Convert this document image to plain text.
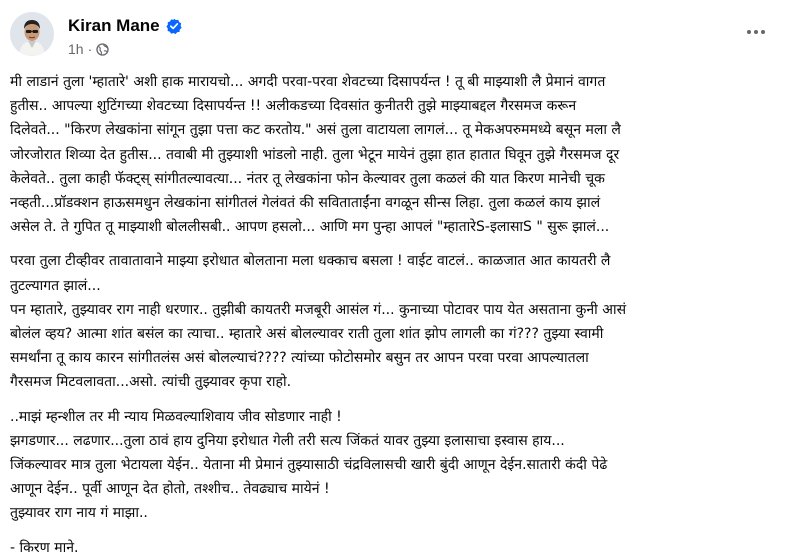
Kiran Mane
1h ·

मी लाडानं तुला 'म्हातारे' अशी हाक मारायचो... अगदी परवा-परवा शेवटच्या दिसापर्यन्त ! तू बी माझ्याशी लै प्रेमानं वागत

हुतीस.. आपल्या शुटिंगच्या शेवटच्या दिसापर्यन्त !! अलीकडच्या दिवसांत कुनीतरी तुझे माझ्याबद्दल गैरसमज करून

दिलेवते... "किरण लेखकांना सांगून तुझा पत्ता कट करतोय." असं तुला वाटायला लागलं... तू मेकअपरुममध्ये बसून मला लै

जोरजोरात शिव्या देत हुतीस... तवाबी मी तुझ्याशी भांडलो नाही. तुला भेटून मायेनं तुझा हात हातात घिवून तुझे गैरसमज दूर

केलेवते.. तुला काही फॅक्ट्स् सांगीतल्यावत्या... नंतर तू लेखकांना फोन केल्यावर तुला कळलं की यात किरण मानेची चूक

नव्हती...प्रॉडक्शन हाऊसमधुन लेखकांना सांगीतलं गेलंवतं की सविताताईंना वगळून सीन्स लिहा. तुला कळलं काय झालं

असेल ते. ते गुपित तू माझ्याशी बोललीसबी.. आपण हसलो... आणि मग पुन्हा आपलं "म्हातारेS-इलासाS " सुरू झालं...

परवा तुला टीव्हीवर तावातावाने माझ्या इरोधात बोलताना मला धक्काच बसला ! वाईट वाटलं.. काळजात आत कायतरी लै

तुटल्यागत झालं...

पन म्हातारे, तुझ्यावर राग नाही धरणार.. तुझीबी कायतरी मजबूरी आसंल गं... कुनाच्या पोटावर पाय येत असताना कुनी आसं

बोलंल व्हय? आत्मा शांत बसंल का त्याचा.. म्हातारे असं बोलल्यावर राती तुला शांत झोप लागली का गं??? तुझ्या स्वामी

समर्थांना तू काय कारन सांगीतलंस असं बोलल्याचं???? त्यांच्या फोटोसमोर बसुन तर आपन परवा परवा आपल्यातला

गैरसमज मिटवलावता...असो. त्यांची तुझ्यावर कृपा राहो.

..माझं म्हन्शील तर मी न्याय मिळवल्याशिवाय जीव सोडणार नाही !

झगडणार... लढणार...तुला ठावं हाय दुनिया इरोधात गेली तरी सत्य जिंकतं यावर तुझ्या इलासाचा इस्वास हाय...

जिंकल्यावर मात्र तुला भेटायला येईन.. येताना मी प्रेमानं तुझ्यासाठी चंद्रविलासची खारी बुंदी आणून देईन.सातारी कंदी पेढे

आणून देईन.. पूर्वी आणून देत होतो, तश्शीच.. तेवढ्याच मायेनं !

तुझ्यावर राग नाय गं माझा..

- किरण माने.
